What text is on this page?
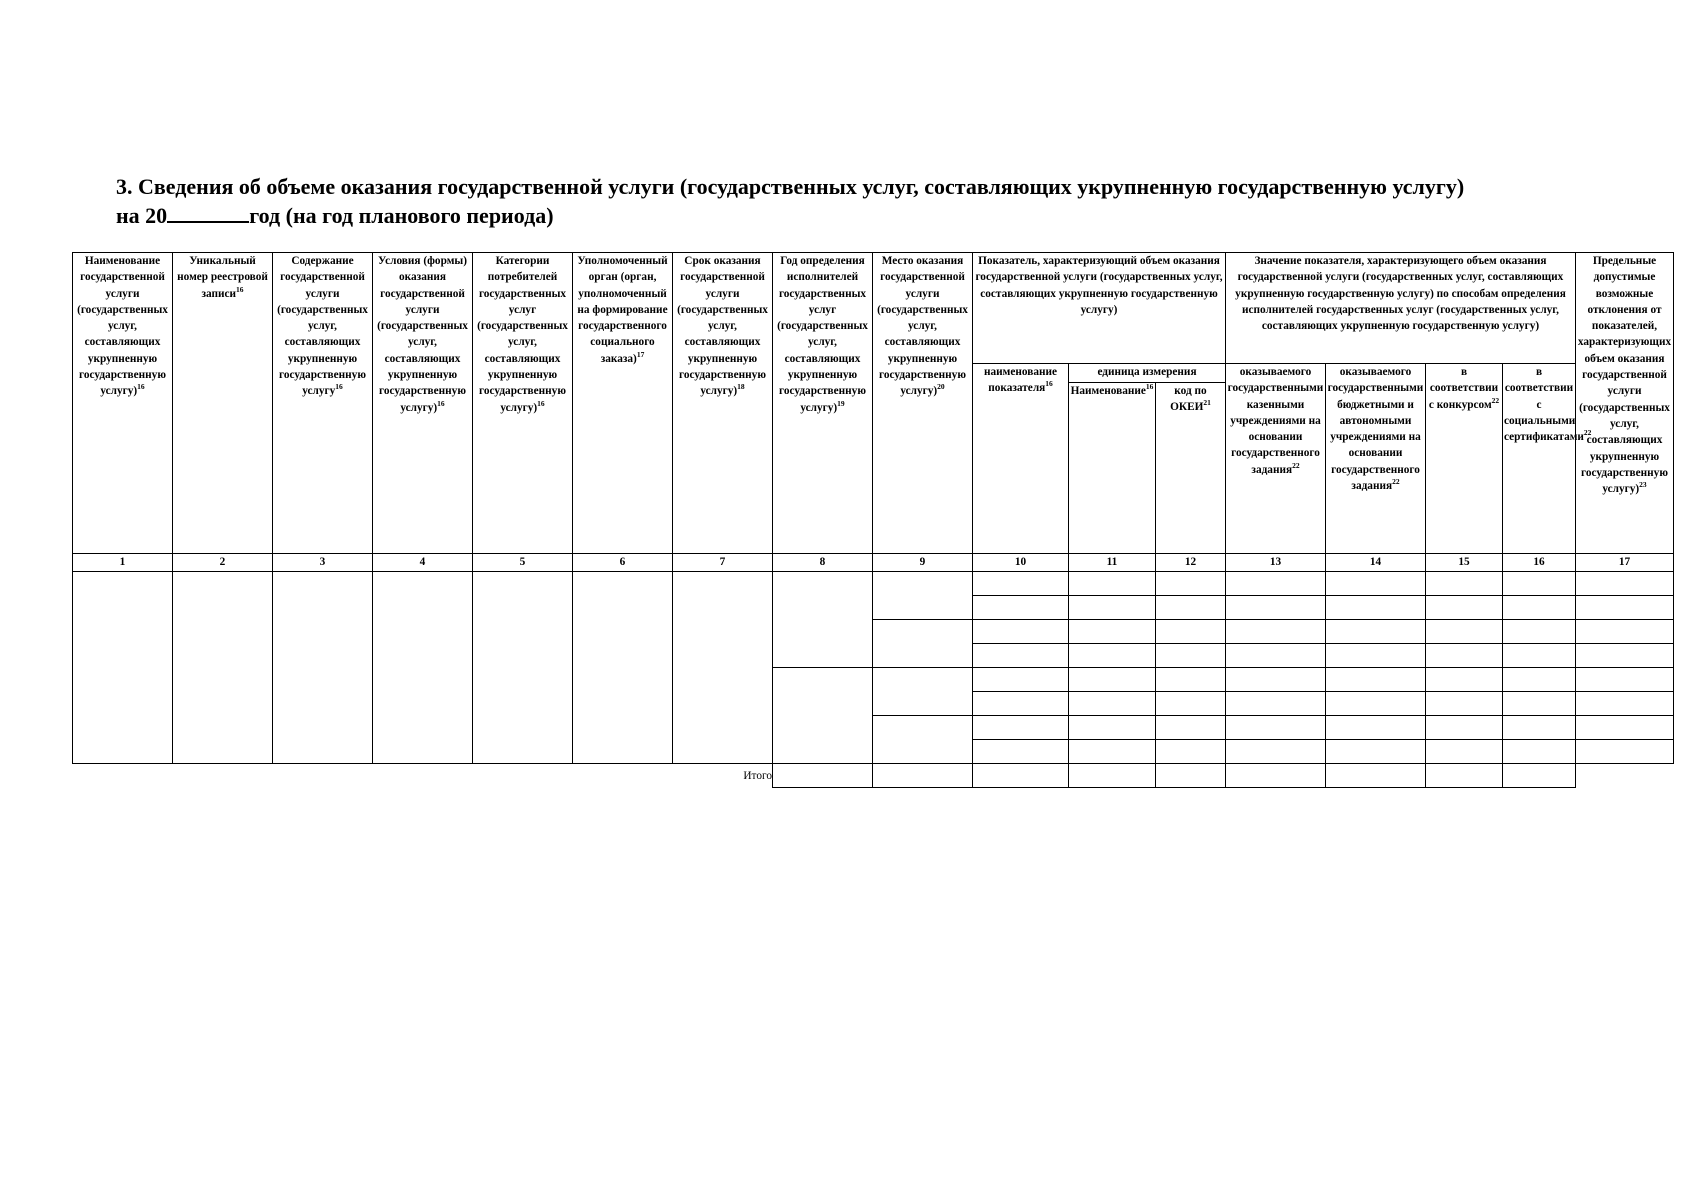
3. Сведения об объеме оказания государственной услуги (государственных услуг, составляющих укрупненную государственную услугу)
на 20	год (на год планового периода)
Наименование государственной услуги (государственных услуг, составляющих укрупненную государственную услугу)$^{16}$	Уникальный номер реестровой записи$^{16}$	Содержание государственной услуги (государственных услуг, составляющих укрупненную государственную услугу$^{16}$	Условия (формы) оказания государственной услуги (государственных услуг, составляющих укрупненную государственную услугу)$^{16}$	Категории потребителей государственных услуг (государственных услуг, составляющих укрупненную государственную услугу)$^{16}$	Уполномоченный орган (орган, уполномоченный на формирование государственного социального заказа)$^{17}$	Срок оказания государственной услуги (государственных услуг, составляющих укрупненную государственную услугу)$^{18}$	Год определения исполнителей государственных услуг (государственных услуг, составляющих укрупненную государственную услугу)$^{19}$	Место оказания государственной услуги (государственных услуг, составляющих укрупненную государственную услугу)$^{20}$	Показатель, характеризующий объем оказания государственной услуги (государственных услуг, составляющих укрупненную государственную услугу)			Значение показателя, характеризующего объем оказания государственной услуги (государственных услуг, составляющих укрупненную государственную услугу) по способам определения исполнителей государственных услуг (государственных услуг, составляющих укрупненную государственную услугу)				Предельные допустимые возможные отклонения от показателей, характеризующих объем оказания государственной услуги (государственных услуг, составляющих укрупненную государственную услугу)$^{23}$
									наименование показателя$^{16}$	единица измерения		оказываемого государственными казенными учреждениями на основании государственного задания$^{22}$	оказываемого государственными бюджетными и автономными учреждениями на основании государственного задания$^{22}$	в соответствии с конкурсом$^{22}$	в соответствии с социальными сертификатами$^{22}$
										Наименование$^{16}$	код по ОКЕИ$^{21}$
1	2	3	4	5	6	7	8	9	10	11	12	13	14	15	16	17

Итого																
